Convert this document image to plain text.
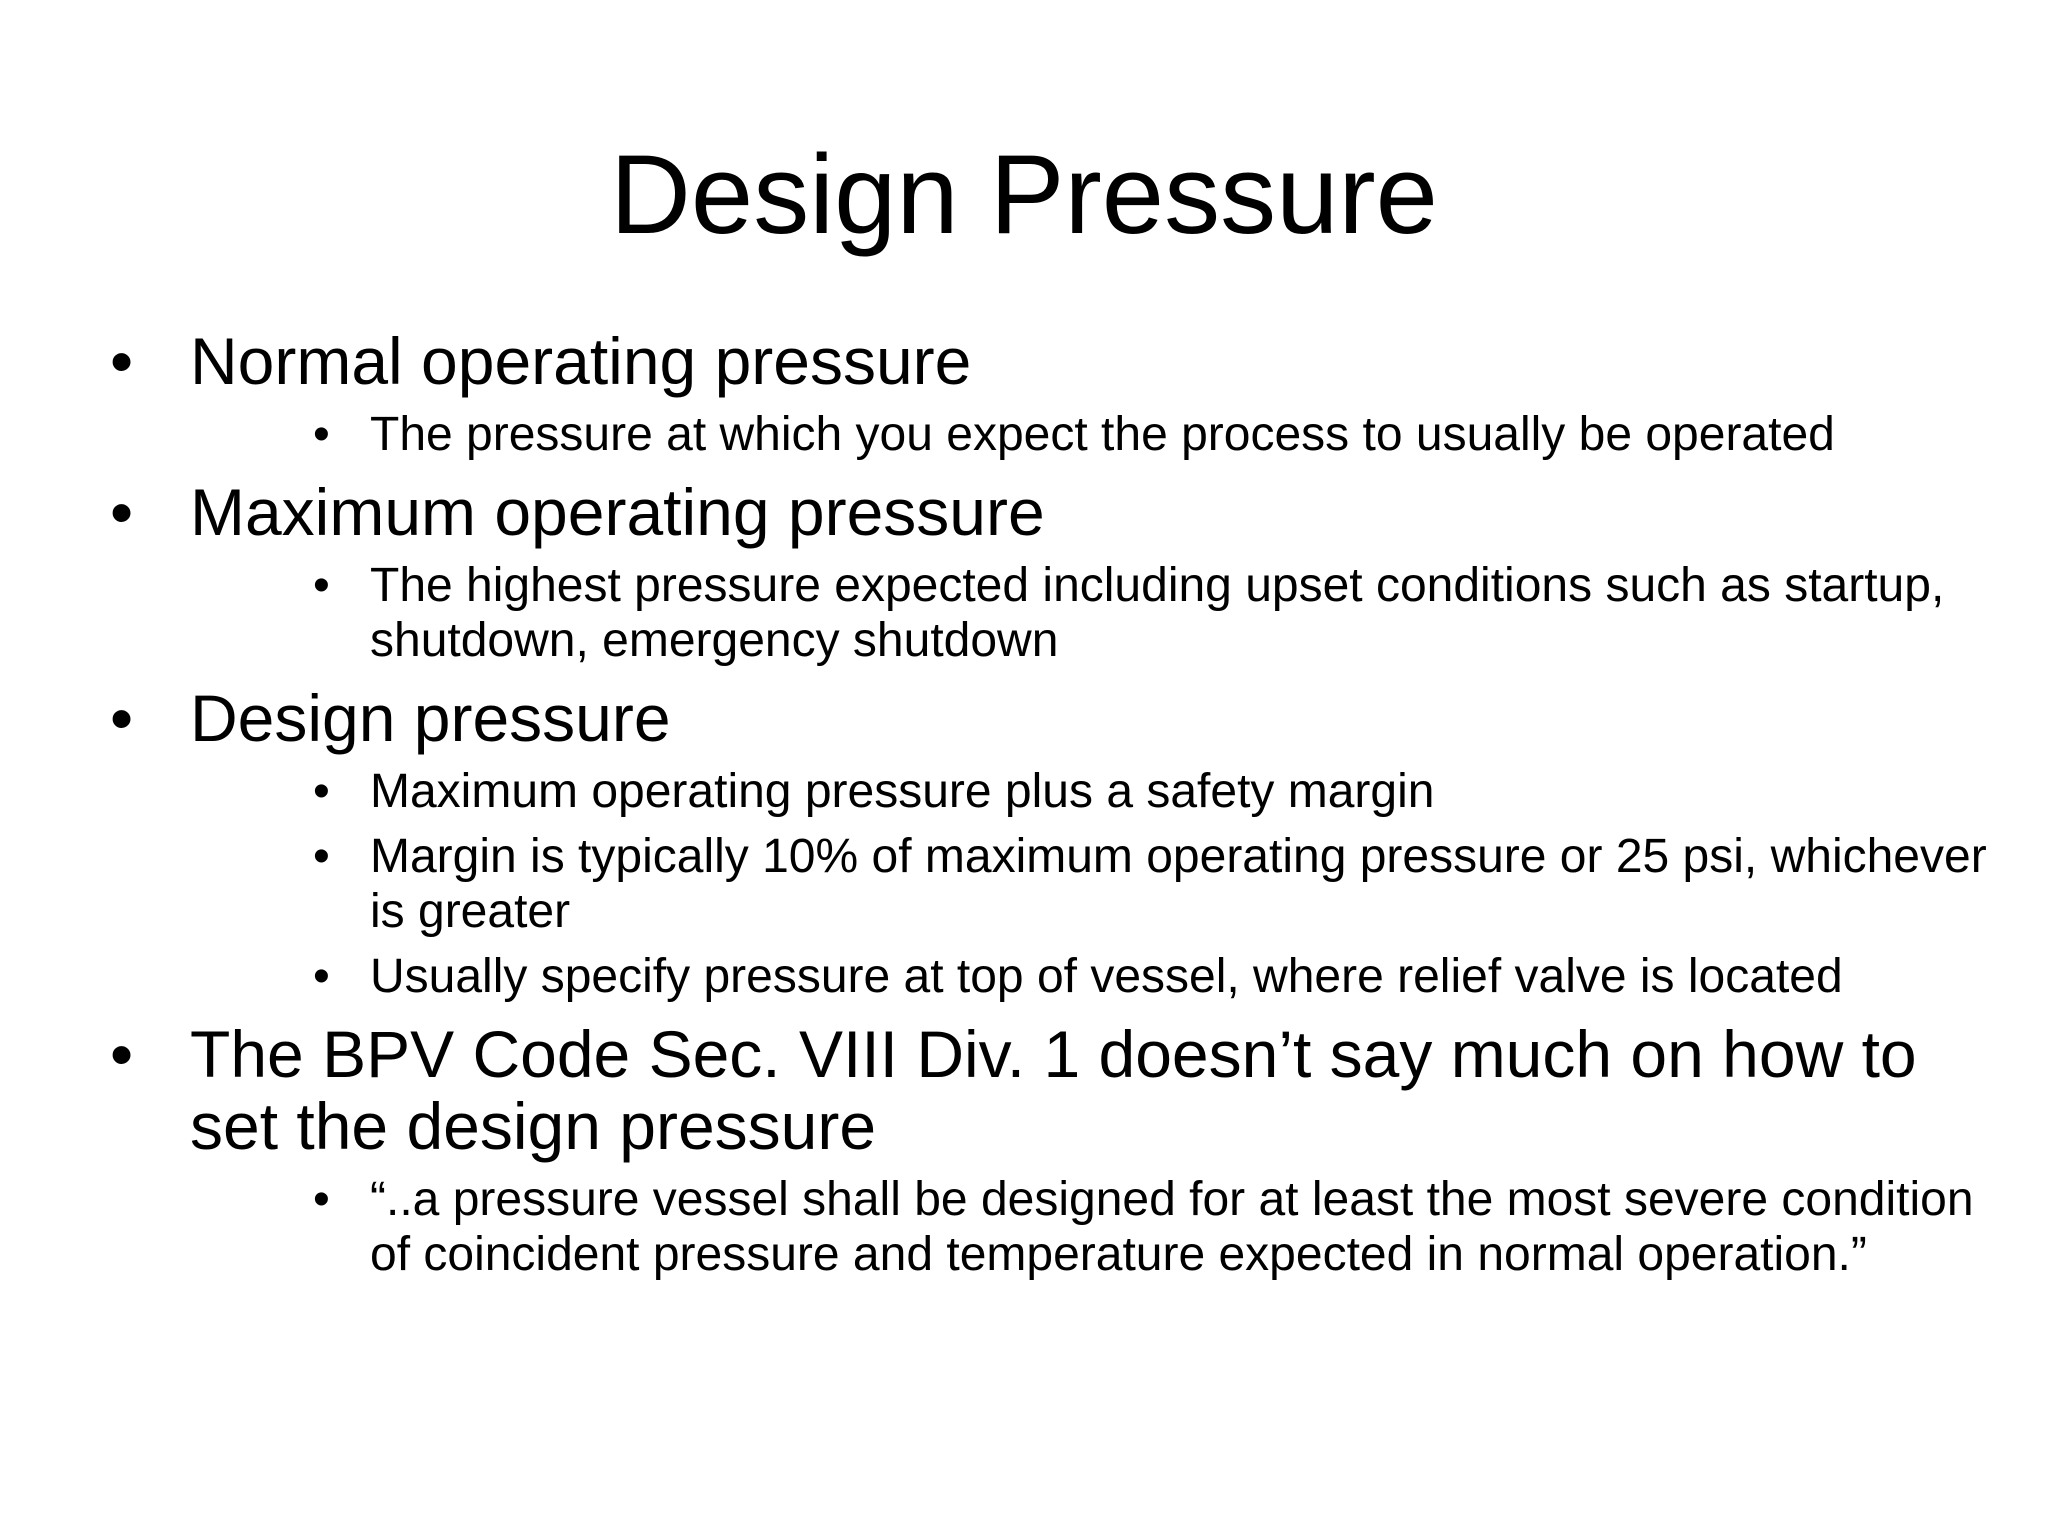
Design Pressure
• Normal operating pressure
• The pressure at which you expect the process to usually be operated
• Maximum operating pressure
• The highest pressure expected including upset conditions such as startup, shutdown, emergency shutdown
• Design pressure
• Maximum operating pressure plus a safety margin
• Margin is typically 10% of maximum operating pressure or 25 psi, whichever is greater
• Usually specify pressure at top of vessel, where relief valve is located
• The BPV Code Sec. VIII Div. 1 doesn’t say much on how to set the design pressure
• “..a pressure vessel shall be designed for at least the most severe condition of coincident pressure and temperature expected in normal operation.”
